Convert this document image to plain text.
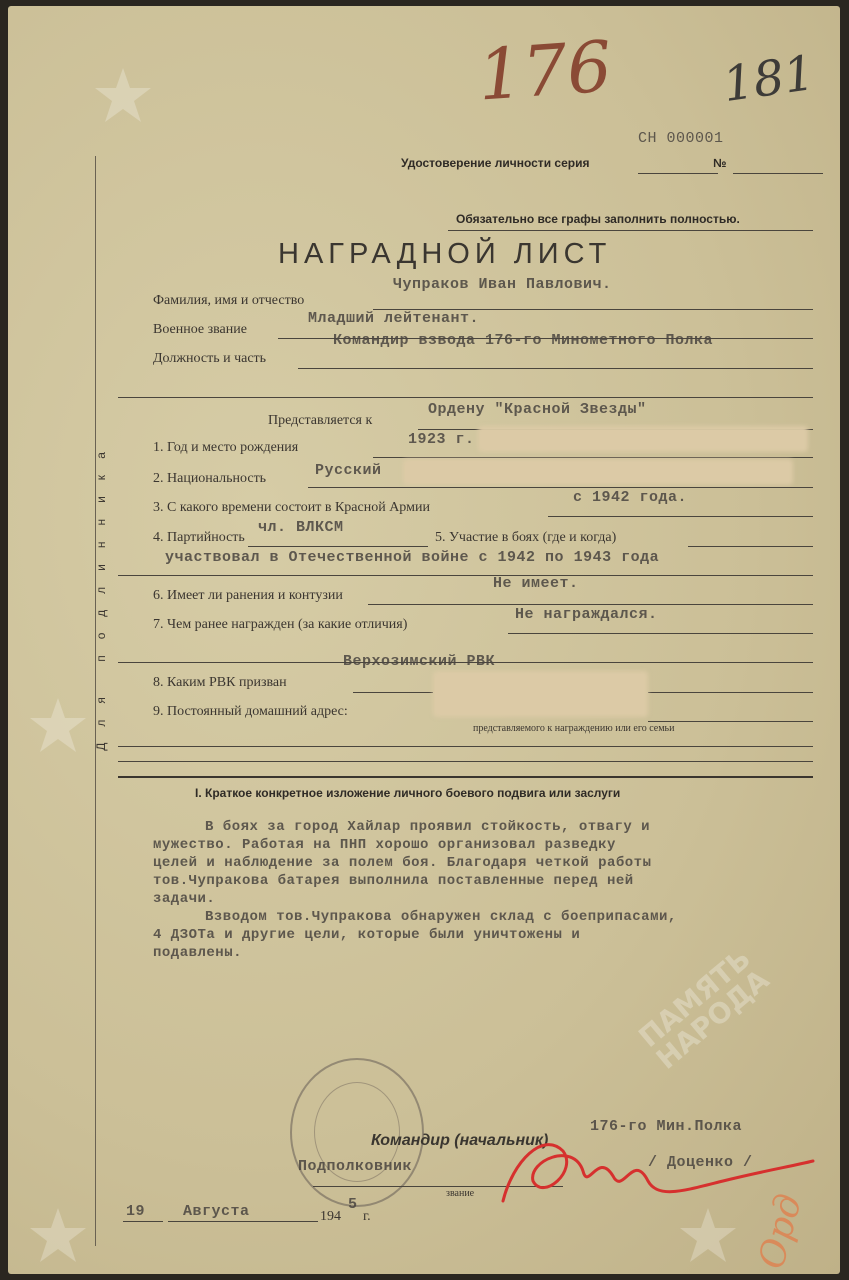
ПАМЯТЬ НАРОДА
Для подлинника
176
СН 000001
181
Удостоверение личности серия	№
Обязательно все графы заполнить полностью.
НАГРАДНОЙ ЛИСТ
Чупраков Иван Павлович.
Фамилия, имя и отчество
Младший лейтенант.
Военное звание
Командир взвода 176-го Минометного Полка
Должность и часть
Ордену "Красной Звезды"
Представляется к
1923 г.
1. Год и место рождения
Русский
2. Национальность
с 1942 года.
3. С какого времени состоит в Красной Армии
чл. ВЛКСМ
4. Партийность	5. Участие в боях (где и когда)
участвовал в Отечественной войне с 1942 по 1943 года
Не имеет.
6. Имеет ли ранения и контузии
Не награждался.
7. Чем ранее награжден (за какие отличия)
Верхозимский РВК
8. Каким РВК призван
9. Постоянный домашний адрес:
представляемого к награждению или его семьи
I. Краткое конкретное изложение личного боевого подвига или заслуги
В боях за город Хайлар проявил стойкость, отвагу и
мужество. Работая на ПНП хорошо организовал разведку
целей и наблюдение за полем боя. Благодаря четкой работы
тов.Чупракова батарея выполнила поставленные перед ней
задачи.
Взводом тов.Чупракова обнаружен склад с боеприпасами,
4 ДЗОТа и другие цели, которые были уничтожены и
подавлены.
Командир (начальник)
176-го Мин.Полка
Подполковник	/ Доценко /
звание
19	Августа	194
5
г.	Орд
